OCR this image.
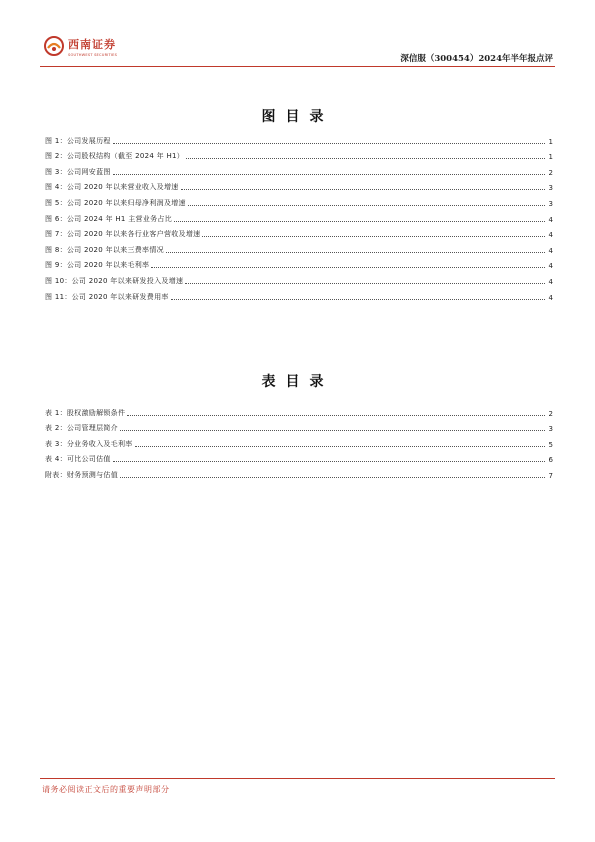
西南证券
SOUTHWEST SECURITIES	深信服（300454）2024年半年报点评
图目录
图 1：公司发展历程	1
图 2：公司股权结构（截至 2024 年 H1）	1
图 3：公司网安蓝图	2
图 4：公司 2020 年以来营业收入及增速	3
图 5：公司 2020 年以来归母净利润及增速	3
图 6：公司 2024 年 H1 主营业务占比	4
图 7：公司 2020 年以来各行业客户营收及增速	4
图 8：公司 2020 年以来三费率情况	4
图 9：公司 2020 年以来毛利率	4
图 10：公司 2020 年以来研发投入及增速	4
图 11：公司 2020 年以来研发费用率	4
表目录
表 1：股权激励解锁条件	2
表 2：公司管理层简介	3
表 3：分业务收入及毛利率	5
表 4：可比公司估值	6
附表：财务预测与估值	7
请务必阅读正文后的重要声明部分
